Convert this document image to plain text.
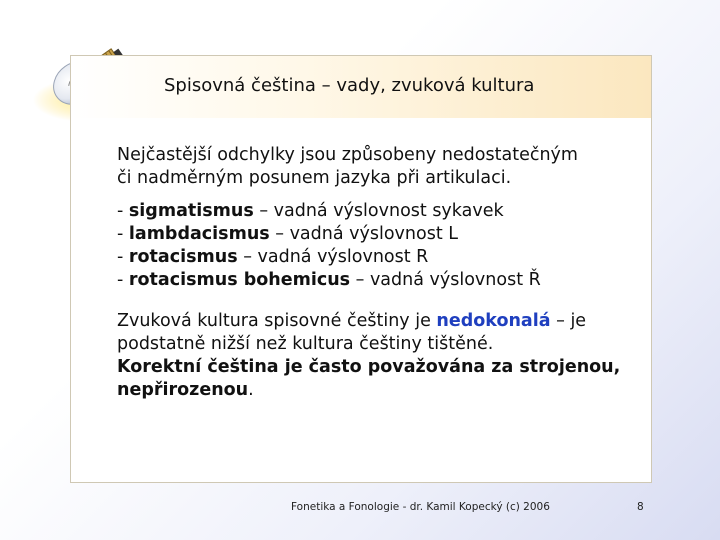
Spisovná čeština – vady, zvuková kultura
Nejčastější odchylky jsou způsobeny nedostatečným
či nadměrným posunem jazyka při artikulaci.
- sigmatismus – vadná výslovnost sykavek
- lambdacismus – vadná výslovnost L
- rotacismus – vadná výslovnost R
- rotacismus bohemicus – vadná výslovnost Ř
Zvuková kultura spisovné češtiny je nedokonalá – je
podstatně nižší než kultura češtiny tištěné.
Korektní čeština je často považována za strojenou,
nepřirozenou.
Fonetika a Fonologie - dr. Kamil Kopecký (c) 2006	8
